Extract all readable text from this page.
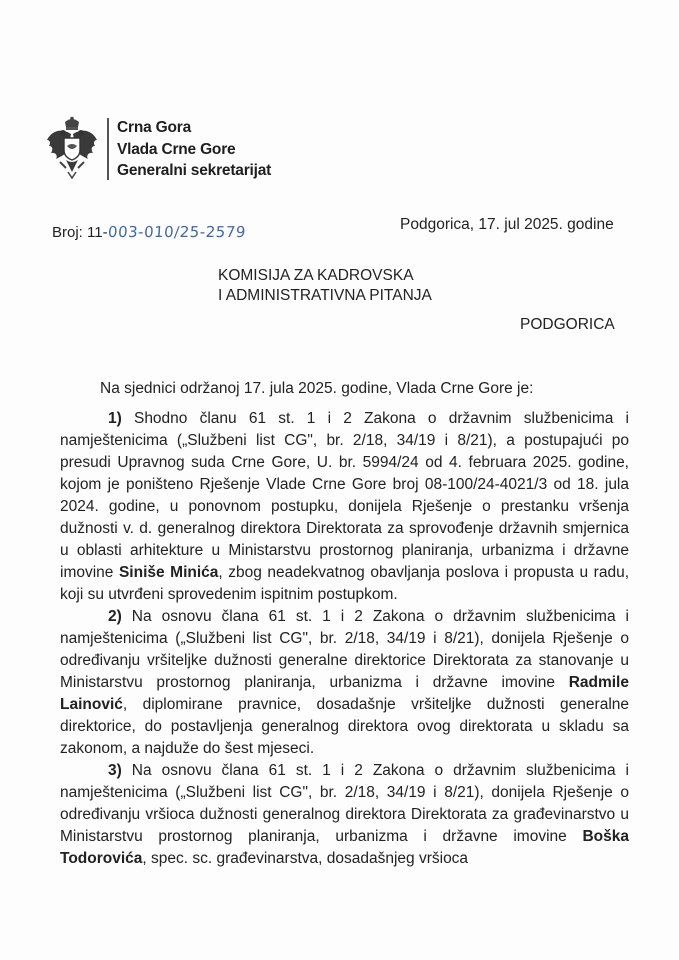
Crna Gora
Vlada Crne Gore
Generalni sekretarijat
Broj: 11-003-010/25-2579	Podgorica, 17. jul 2025. godine
KOMISIJA ZA KADROVSKA
I ADMINISTRATIVNA PITANJA
PODGORICA
Na sjednici održanoj 17. jula 2025. godine, Vlada Crne Gore je:

1) Shodno članu 61 st. 1 i 2 Zakona o državnim službenicima i namještenicima („Službeni list CG", br. 2/18, 34/19 i 8/21), a postupajući po presudi Upravnog suda Crne Gore, U. br. 5994/24 od 4. februara 2025. godine, kojom je poništeno Rješenje Vlade Crne Gore broj 08-100/24-4021/3 od 18. jula 2024. godine, u ponovnom postupku, donijela Rješenje o prestanku vršenja dužnosti v. d. generalnog direktora Direktorata za sprovođenje državnih smjernica u oblasti arhitekture u Ministarstvu prostornog planiranja, urbanizma i državne imovine Siniše Minića, zbog neadekvatnog obavljanja poslova i propusta u radu, koji su utvrđeni sprovedenim ispitnim postupkom.

2) Na osnovu člana 61 st. 1 i 2 Zakona o državnim službenicima i namještenicima („Službeni list CG", br. 2/18, 34/19 i 8/21), donijela Rješenje o određivanju vršiteljke dužnosti generalne direktorice Direktorata za stanovanje u Ministarstvu prostornog planiranja, urbanizma i državne imovine Radmile Lainović, diplomirane pravnice, dosadašnje vršiteljke dužnosti generalne direktorice, do postavljenja generalnog direktora ovog direktorata u skladu sa zakonom, a najduže do šest mjeseci.

3) Na osnovu člana 61 st. 1 i 2 Zakona o državnim službenicima i namještenicima („Službeni list CG", br. 2/18, 34/19 i 8/21), donijela Rješenje o određivanju vršioca dužnosti generalnog direktora Direktorata za građevinarstvo u Ministarstvu prostornog planiranja, urbanizma i državne imovine Boška Todorovića, spec. sc. građevinarstva, dosadašnjeg vršioca
